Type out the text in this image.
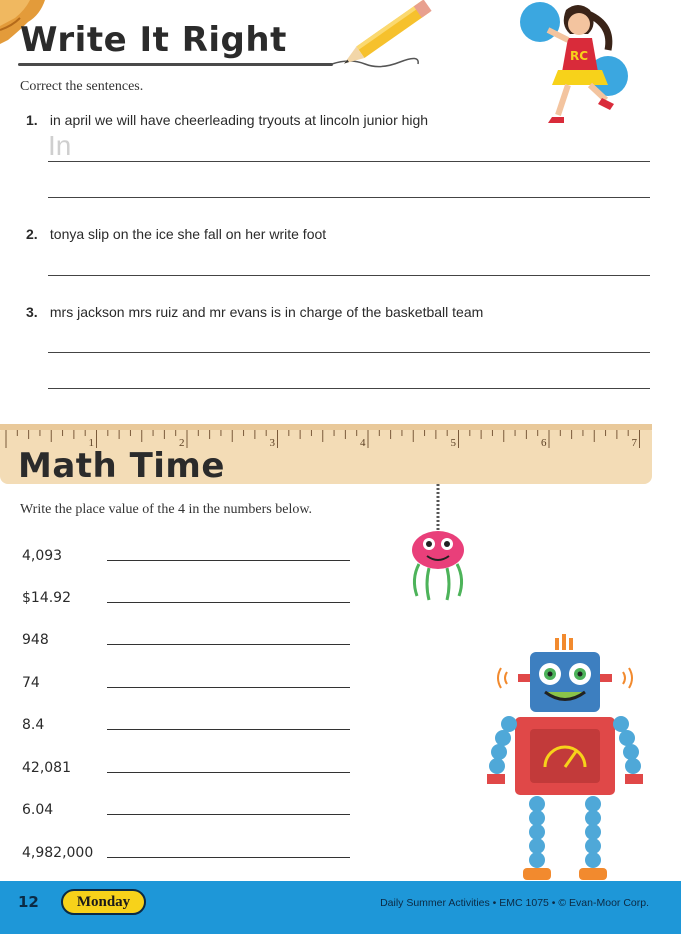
Write It Right	RC
Correct the sentences.
1. in april we will have cheerleading tryouts at lincoln junior high
In
2. tonya slip on the ice she fall on her write foot
3. mrs jackson mrs ruiz and mr evans is in charge of the basketball team
1	2	3	4	5	6	7
Math Time
Write the place value of the 4 in the numbers below.
4,093
$14.92
948
74
8.4
42,081
6.04
4,982,000
12	Monday	Daily Summer Activities • EMC 1075 • © Evan-Moor Corp.
